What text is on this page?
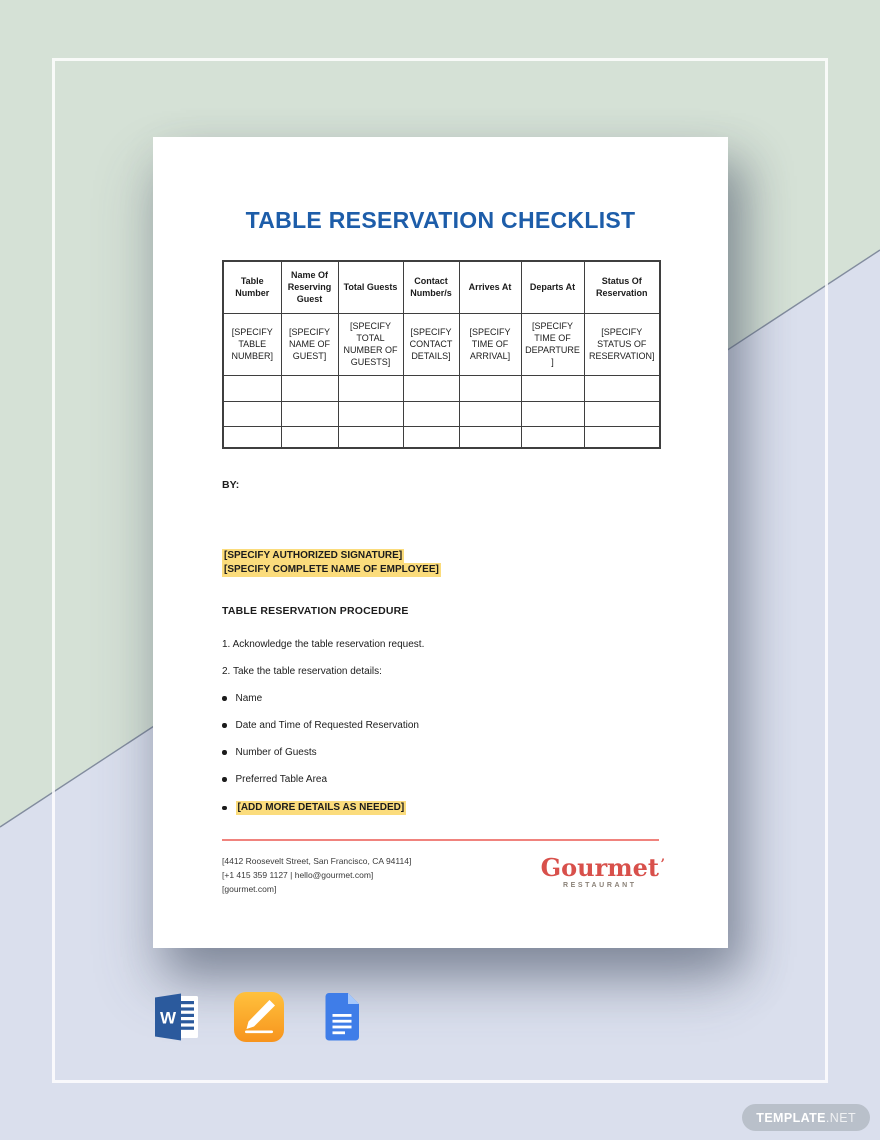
TABLE RESERVATION CHECKLIST
Table Number	Name Of Reserving Guest	Total Guests	Contact Number/s	Arrives At	Departs At	Status Of Reservation
[SPECIFY TABLE NUMBER]	[SPECIFY NAME OF GUEST]	[SPECIFY TOTAL NUMBER OF GUESTS]	[SPECIFY CONTACT DETAILS]	[SPECIFY TIME OF ARRIVAL]	[SPECIFY TIME OF DEPARTURE]	[SPECIFY STATUS OF RESERVATION]

BY:
[SPECIFY AUTHORIZED SIGNATURE]
[SPECIFY COMPLETE NAME OF EMPLOYEE]
TABLE RESERVATION PROCEDURE
1. Acknowledge the table reservation request.
2. Take the table reservation details:
Name
Date and Time of Requested Reservation
Number of Guests
Preferred Table Area
[ADD MORE DETAILS AS NEEDED]
[4412 Roosevelt Street, San Francisco, CA 94114]
[+1 415 359 1127 | hello@gourmet.com]
[gourmet.com]
Gourmet ’
RESTAURANT
W
TEMPLATE .NET
